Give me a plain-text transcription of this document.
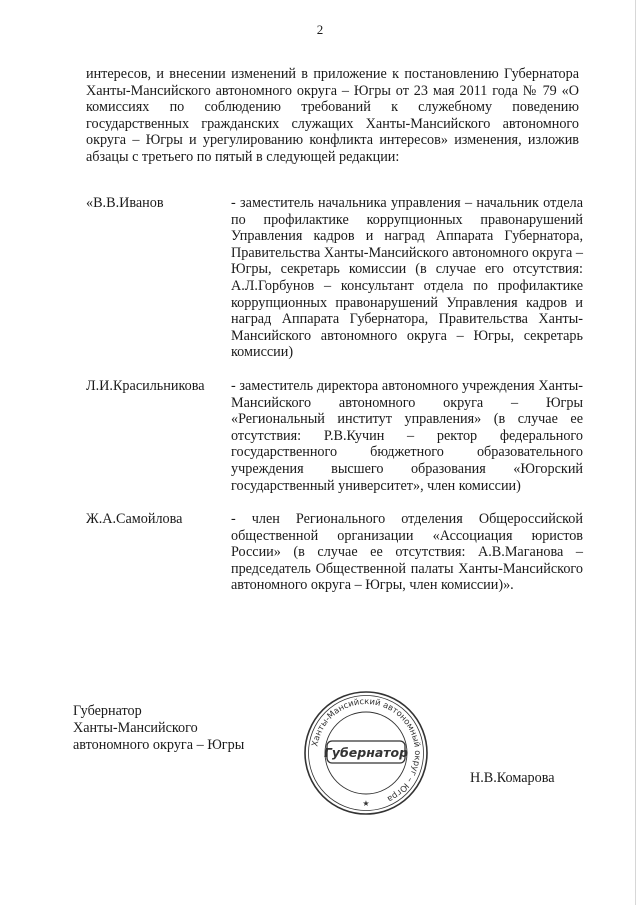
2
интересов, и внесении изменений в приложение к постановлению Губернатора Ханты-Мансийского автономного округа – Югры от 23 мая 2011 года № 79 «О комиссиях по соблюдению требований к служебному поведению государственных гражданских служащих Ханты-Мансийского автономного округа – Югры и урегулированию конфликта интересов» изменения, изложив абзацы с третьего по пятый в следующей редакции:
«В.В.Иванов	- заместитель начальника управления – начальник отдела по профилактике коррупционных правонарушений Управления кадров и наград Аппарата Губернатора, Правительства Ханты-Мансийского автономного округа – Югры, секретарь комиссии (в случае его отсутствия: А.Л.Горбунов – консультант отдела по профилактике коррупционных правонарушений Управления кадров и наград Аппарата Губернатора, Правительства Ханты-Мансийского автономного округа – Югры, секретарь комиссии)
Л.И.Красильникова	- заместитель директора автономного учреждения Ханты-Мансийского автономного округа – Югры «Региональный институт управления» (в случае ее отсутствия: Р.В.Кучин – ректор федерального государственного бюджетного образовательного учреждения высшего образования «Югорский государственный университет», член комиссии)
Ж.А.Самойлова	- член Регионального отделения Общероссийской общественной организации «Ассоциация юристов России» (в случае ее отсутствия: А.В.Маганова – председатель Общественной палаты Ханты-Мансийского автономного округа – Югры, член комиссии)».
Губернатор
Ханты-Мансийского
автономного округа – Югры	Ханты-Мансийский автономный округ – Югра
Губернатор
★
Н.В.Комарова
